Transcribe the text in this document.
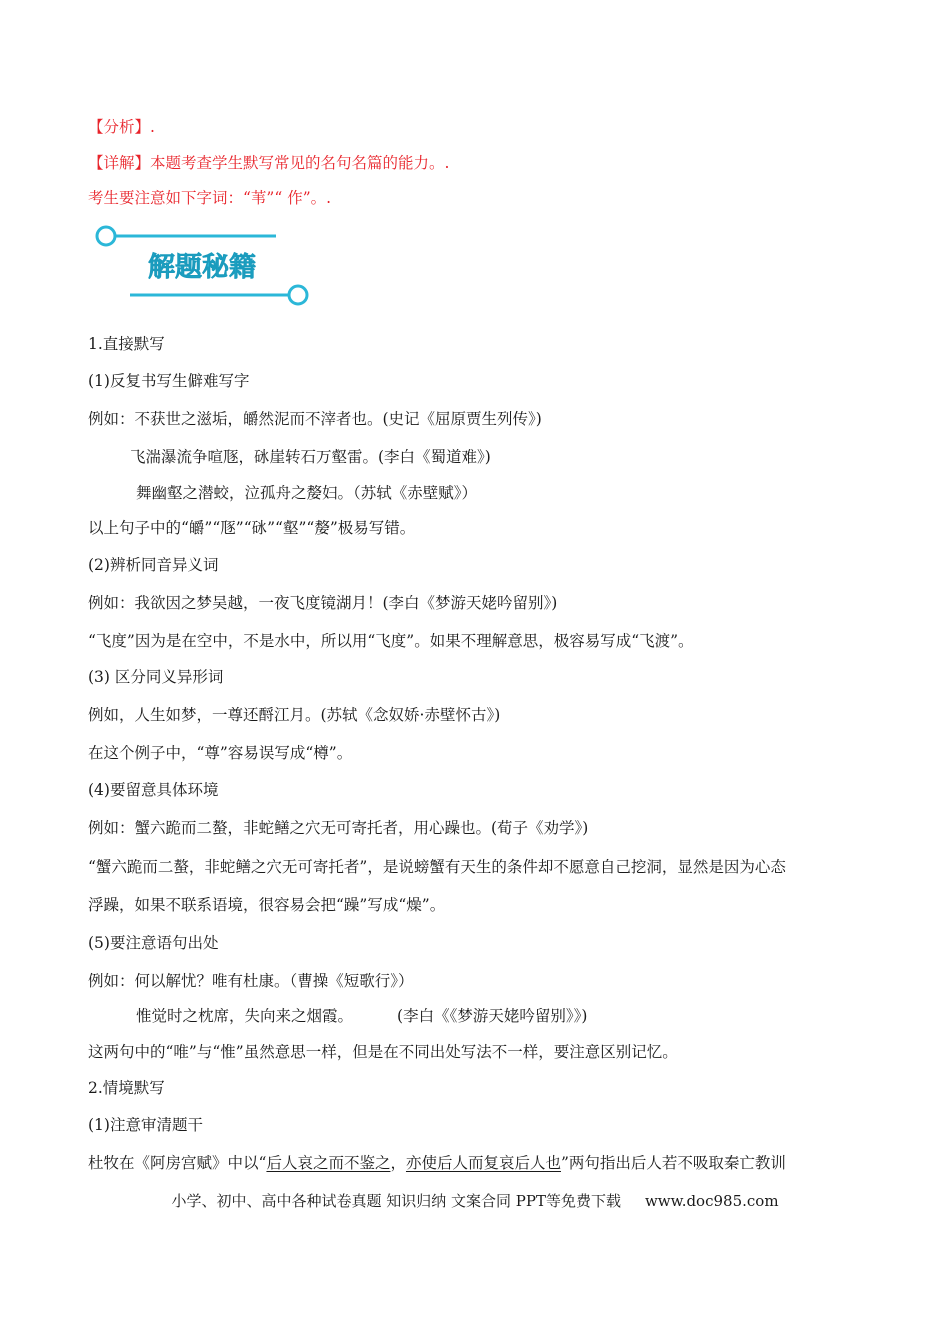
【分析】.
【详解】本题考查学生默写常见的名句名篇的能力。.
考生要注意如下字词：“苇”“ 作”。.
解题秘籍
1.直接默写
(1)反复书写生僻难写字
例如：不获世之滋垢，皭然泥而不滓者也。(史记《屈原贾生列传》)
飞湍瀑流争喧豗，砯崖转石万壑雷。(李白《蜀道难》)
舞幽壑之潜蛟，泣孤舟之嫠妇。（苏轼《赤壁赋》）
以上句子中的“皭”“豗”“砯”“壑”“嫠”极易写错。
(2)辨析同音异义词
例如：我欲因之梦吴越，一夜飞度镜湖月！(李白《梦游天姥吟留别》)
“飞度”因为是在空中，不是水中，所以用“飞度”。如果不理解意思，极容易写成“飞渡”。
(3) 区分同义异形词
例如，人生如梦，一尊还酹江月。(苏轼《念奴娇·赤壁怀古》)
在这个例子中，“尊”容易误写成“樽”。
(4)要留意具体环境
例如：蟹六跪而二螯，非蛇鳝之穴无可寄托者，用心躁也。(荀子《劝学》)
“蟹六跪而二螯，非蛇鳝之穴无可寄托者”，是说螃蟹有天生的条件却不愿意自己挖洞，显然是因为心态
浮躁，如果不联系语境，很容易会把“躁”写成“燥”。
(5)要注意语句出处
例如：何以解忧？唯有杜康。（曹操《短歌行》）
惟觉时之枕席，失向来之烟霞。	(李白《《梦游天姥吟留别》》)
这两句中的“唯”与“惟”虽然意思一样，但是在不同出处写法不一样，要注意区别记忆。
2.情境默写
(1)注意审清题干
杜牧在《阿房宫赋》中以“后人哀之而不鉴之，亦使后人而复哀后人也”两句指出后人若不吸取秦亡教训
小学、初中、高中各种试卷真题 知识归纳 文案合同 PPT等免费下载 www.doc985.com
